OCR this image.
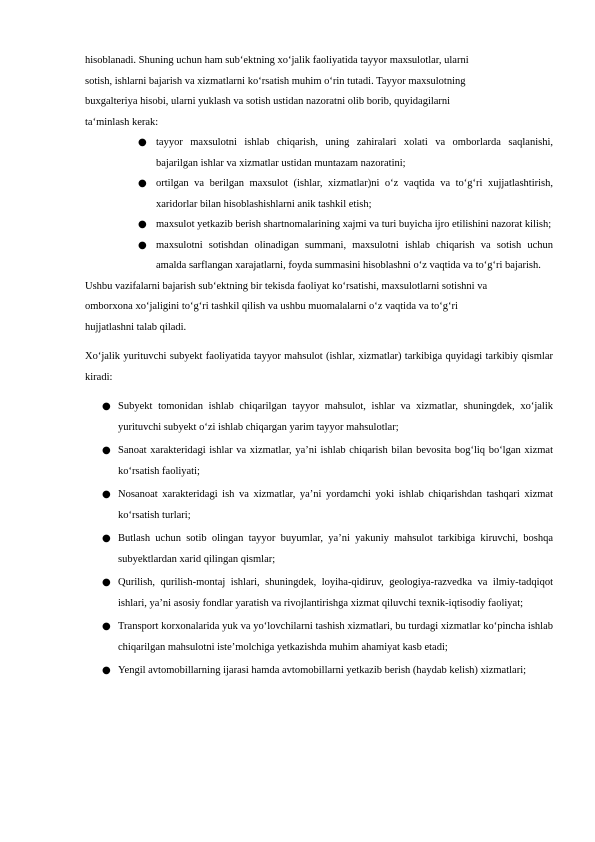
hisoblanadi. Shuning uchun ham sub‘ektning xo‘jalik faoliyatida tayyor maxsulotlar, ularni

sotish, ishlarni bajarish va xizmatlarni ko‘rsatish muhim o‘rin tutadi. Tayyor maxsulotning

buxgalteriya hisobi, ularni yuklash va sotish ustidan nazoratni olib borib, quyidagilarni

ta‘minlash kerak:

● tayyor maxsulotni ishlab chiqarish, uning zahiralari xolati va omborlarda saqlanishi, bajarilgan ishlar va xizmatlar ustidan muntazam nazoratini;
● ortilgan va berilgan maxsulot (ishlar, xizmatlar)ni o‘z vaqtida va to‘g‘ri xujjatlashtirish, xaridorlar bilan hisoblashishlarni anik tashkil etish;
● maxsulot yetkazib berish shartnomalarining xajmi va turi buyicha ijro etilishini nazorat kilish;
● maxsulotni sotishdan olinadigan summani, maxsulotni ishlab chiqarish va sotish uchun amalda sarflangan xarajatlarni, foyda summasini hisoblashni o‘z vaqtida va to‘g‘ri bajarish.

Ushbu vazifalarni bajarish sub‘ektning bir tekisda faoliyat ko‘rsatishi, maxsulotlarni sotishni va

omborxona xo‘jaligini to‘g‘ri tashkil qilish va ushbu muomalalarni o‘z vaqtida va to‘g‘ri

hujjatlashni talab qiladi.

Xo‘jalik yurituvchi subyekt faoliyatida tayyor mahsulot (ishlar, xizmatlar) tarkibiga quyidagi tarkibiy qismlar kiradi:

● Subyekt tomonidan ishlab chiqarilgan tayyor mahsulot, ishlar va xizmatlar, shuningdek, xo‘jalik yurituvchi subyekt o‘zi ishlab chiqargan yarim tayyor mahsulotlar;
● Sanoat xarakteridagi ishlar va xizmatlar, ya’ni ishlab chiqarish bilan bevosita bog‘liq bo‘lgan xizmat ko‘rsatish faoliyati;
● Nosanoat xarakteridagi ish va xizmatlar, ya’ni yordamchi yoki ishlab chiqarishdan tashqari xizmat ko‘rsatish turlari;
● Butlash uchun sotib olingan tayyor buyumlar, ya’ni yakuniy mahsulot tarkibiga kiruvchi, boshqa subyektlardan xarid qilingan qismlar;
● Qurilish, qurilish-montaj ishlari, shuningdek, loyiha-qidiruv, geologiya-razvedka va ilmiy-tadqiqot ishlari, ya’ni asosiy fondlar yaratish va rivojlantirishga xizmat qiluvchi texnik-iqtisodiy faoliyat;
● Transport korxonalarida yuk va yo‘lovchilarni tashish xizmatlari, bu turdagi xizmatlar ko‘pincha ishlab chiqarilgan mahsulotni iste’molchiga yetkazishda muhim ahamiyat kasb etadi;
● Yengil avtomobillarning ijarasi hamda avtomobillarni yetkazib berish (haydab kelish) xizmatlari;
